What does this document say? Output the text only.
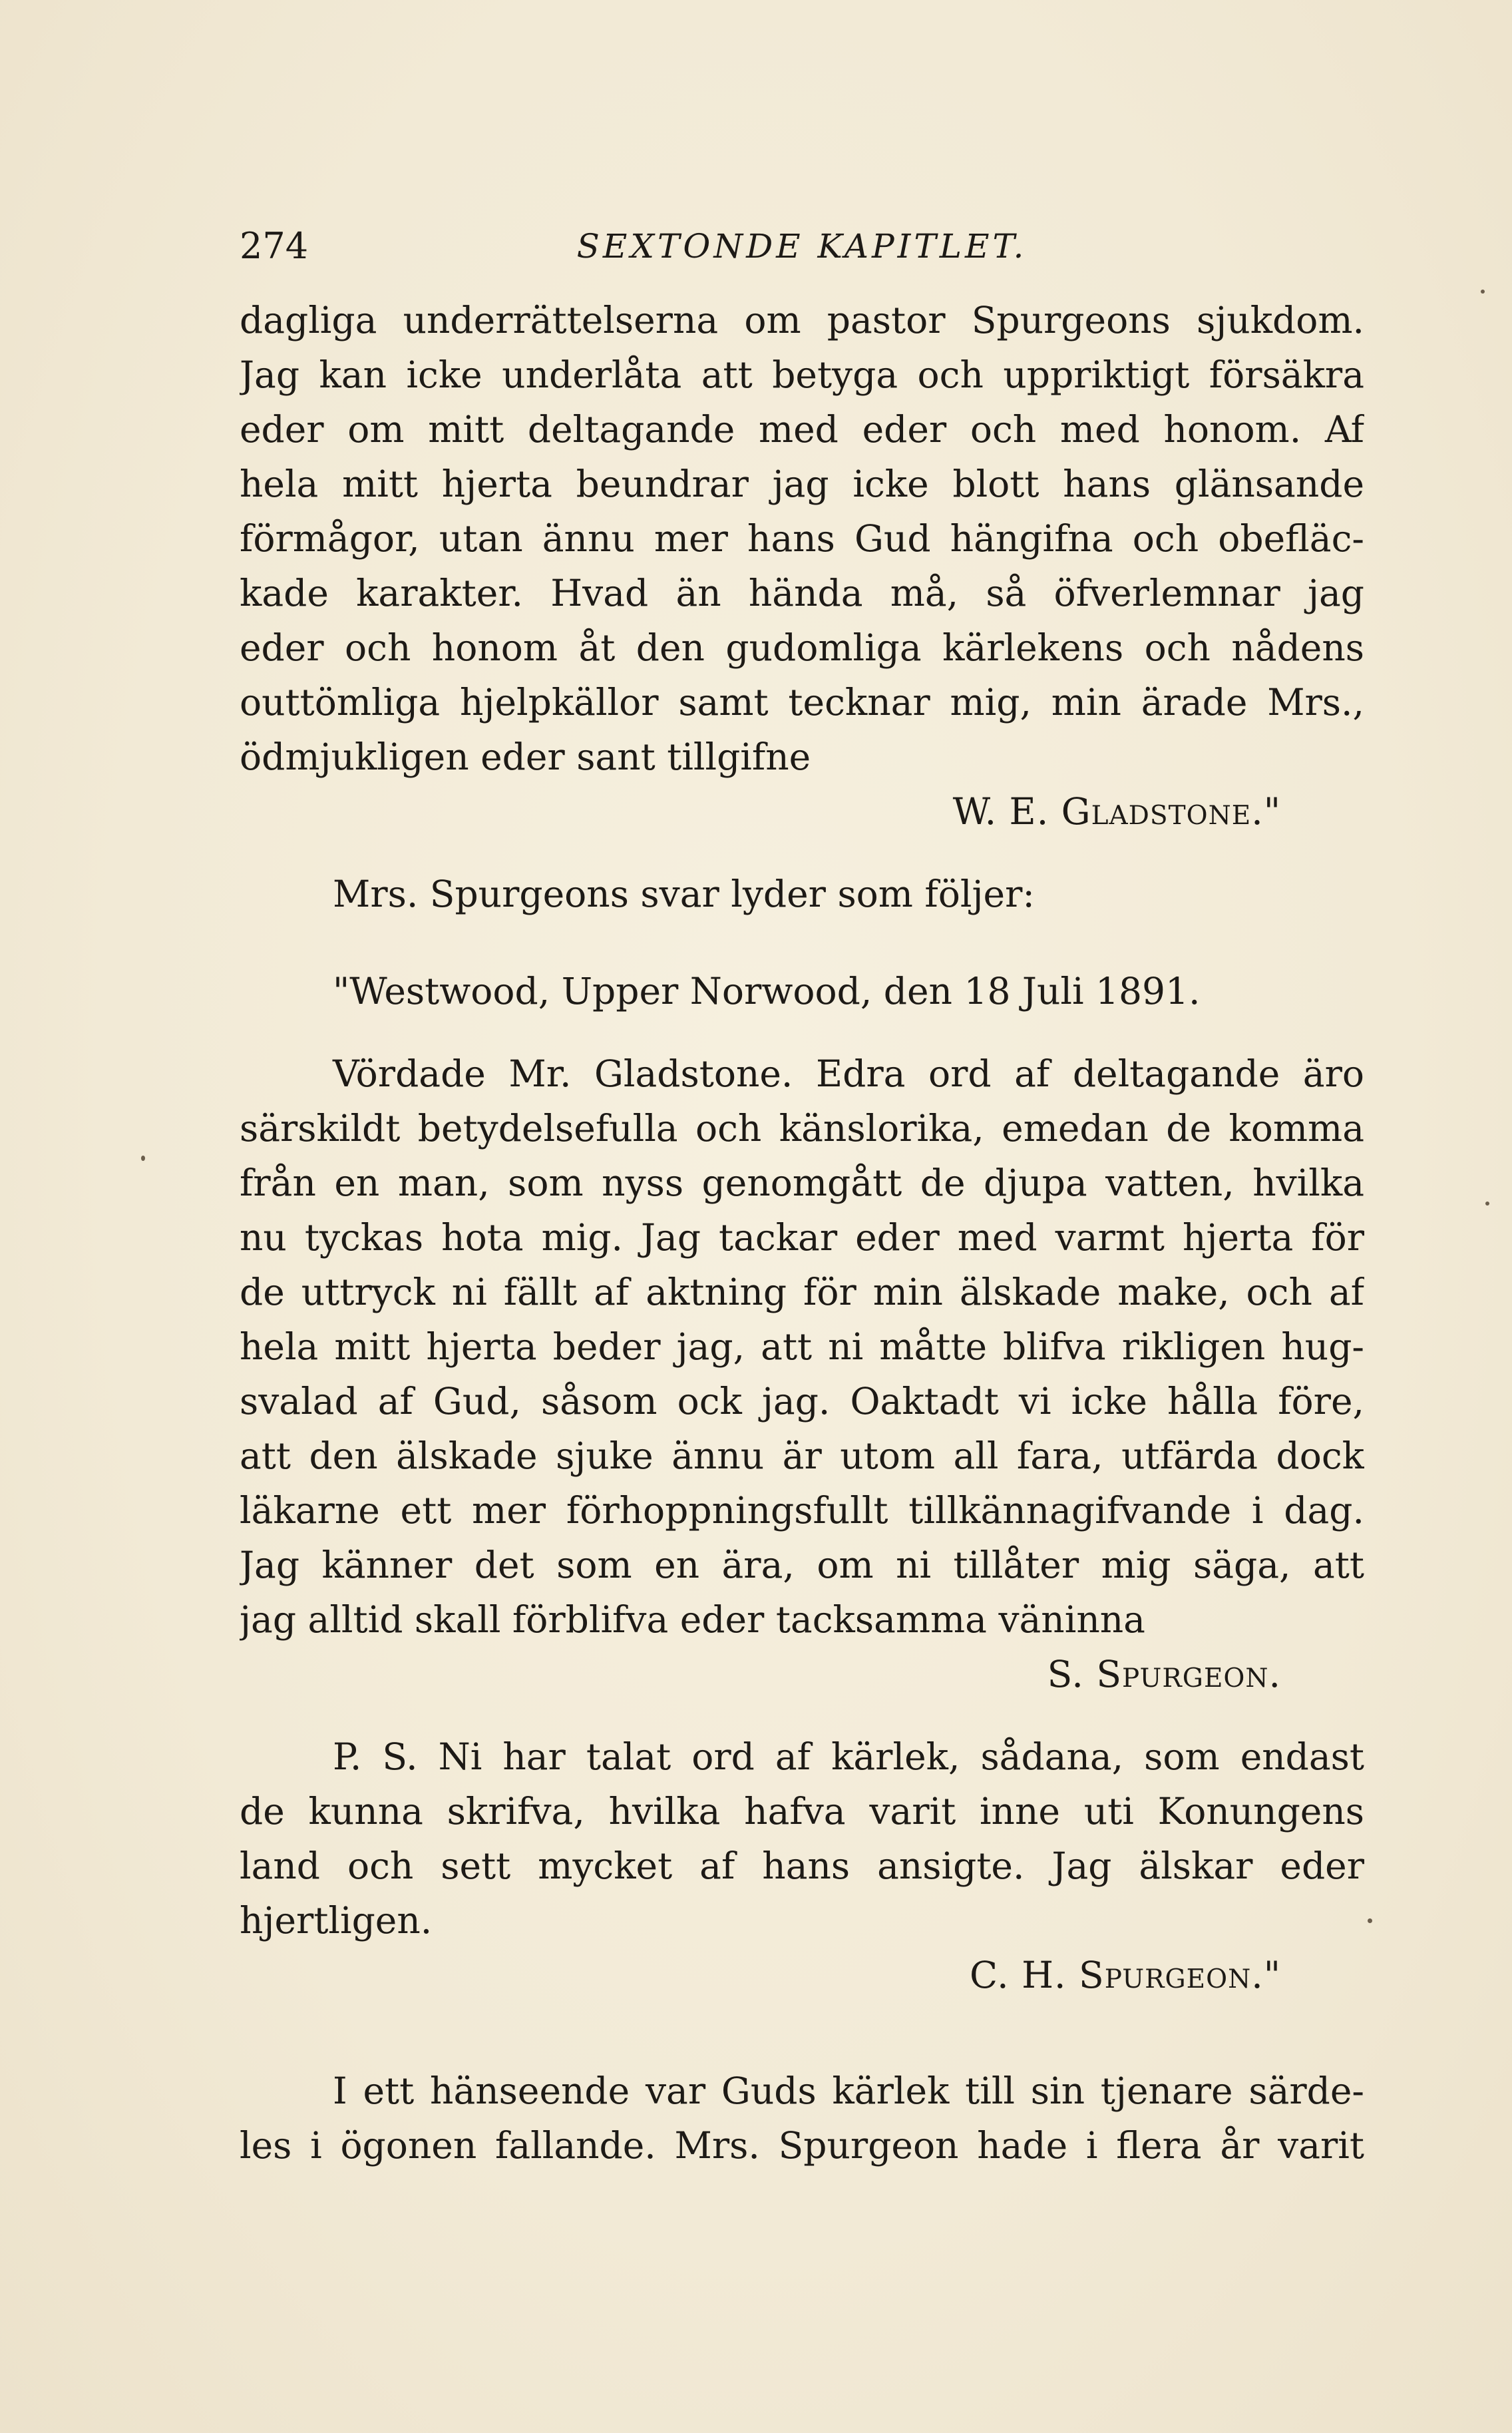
274	SEXTONDE KAPITLET.
dagliga underrättelserna om pastor Spurgeons sjukdom.
Jag kan icke underlåta att betyga och uppriktigt försäkra
eder om mitt deltagande med eder och med honom. Af
hela mitt hjerta beundrar jag icke blott hans glänsande
förmågor, utan ännu mer hans Gud hängifna och obefläc-
kade karakter. Hvad än hända må, så öfverlemnar jag
eder och honom åt den gudomliga kärlekens och nådens
outtömliga hjelpkällor samt tecknar mig, min ärade Mrs.,
ödmjukligen eder sant tillgifne
W. E. Gladstone."
Mrs. Spurgeons svar lyder som följer:
"Westwood, Upper Norwood, den 18 Juli 1891.
Vördade Mr. Gladstone. Edra ord af deltagande äro
särskildt betydelsefulla och känslorika, emedan de komma
från en man, som nyss genomgått de djupa vatten, hvilka
nu tyckas hota mig. Jag tackar eder med varmt hjerta för
de uttryck ni fällt af aktning för min älskade make, och af
hela mitt hjerta beder jag, att ni måtte blifva rikligen hug-
svalad af Gud, såsom ock jag. Oaktadt vi icke hålla före,
att den älskade sjuke ännu är utom all fara, utfärda dock
läkarne ett mer förhoppningsfullt tillkännagifvande i dag.
Jag känner det som en ära, om ni tillåter mig säga, att
jag alltid skall förblifva eder tacksamma väninna
S. Spurgeon.
P. S. Ni har talat ord af kärlek, sådana, som endast
de kunna skrifva, hvilka hafva varit inne uti Konungens
land och sett mycket af hans ansigte. Jag älskar eder
hjertligen.
C. H. Spurgeon."
I ett hänseende var Guds kärlek till sin tjenare särde-
les i ögonen fallande. Mrs. Spurgeon hade i flera år varit
